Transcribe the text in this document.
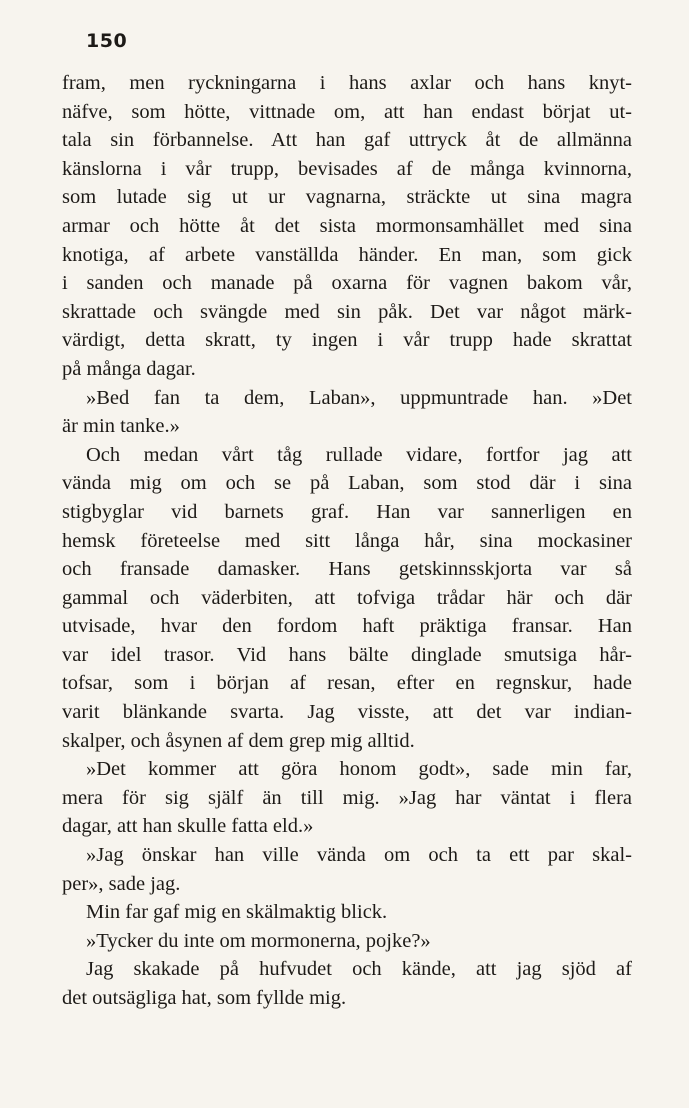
150
fram, men ryckningarna i hans axlar och hans knyt-
näfve, som hötte, vittnade om, att han endast börjat ut-
tala sin förbannelse. Att han gaf uttryck åt de allmänna
känslorna i vår trupp, bevisades af de många kvinnorna,
som lutade sig ut ur vagnarna, sträckte ut sina magra
armar och hötte åt det sista mormonsamhället med sina
knotiga, af arbete vanställda händer. En man, som gick
i sanden och manade på oxarna för vagnen bakom vår,
skrattade och svängde med sin påk. Det var något märk-
värdigt, detta skratt, ty ingen i vår trupp hade skrattat
på många dagar.
»Bed fan ta dem, Laban», uppmuntrade han. »Det
är min tanke.»
Och medan vårt tåg rullade vidare, fortfor jag att
vända mig om och se på Laban, som stod där i sina
stigbyglar vid barnets graf. Han var sannerligen en
hemsk företeelse med sitt långa hår, sina mockasiner
och fransade damasker. Hans getskinnsskjorta var så
gammal och väderbiten, att tofviga trådar här och där
utvisade, hvar den fordom haft präktiga fransar. Han
var idel trasor. Vid hans bälte dinglade smutsiga hår-
tofsar, som i början af resan, efter en regnskur, hade
varit blänkande svarta. Jag visste, att det var indian-
skalper, och åsynen af dem grep mig alltid.
»Det kommer att göra honom godt», sade min far,
mera för sig själf än till mig. »Jag har väntat i flera
dagar, att han skulle fatta eld.»
»Jag önskar han ville vända om och ta ett par skal-
per», sade jag.
Min far gaf mig en skälmaktig blick.
»Tycker du inte om mormonerna, pojke?»
Jag skakade på hufvudet och kände, att jag sjöd af
det outsägliga hat, som fyllde mig.
